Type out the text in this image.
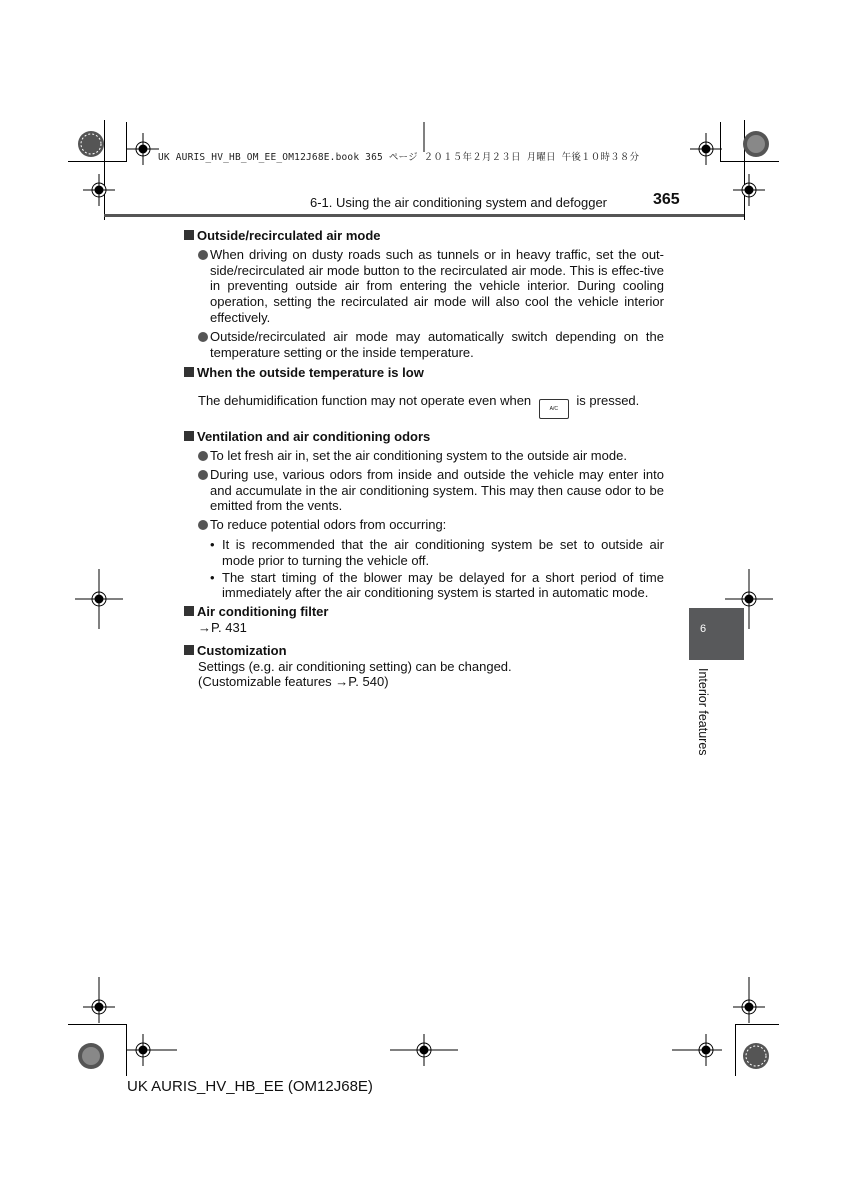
UK AURIS_HV_HB_OM_EE_OM12J68E.book 365 ページ ２０１５年２月２３日 月曜日 午後１０時３８分
6-1. Using the air conditioning system and defogger	365
Outside/recirculated air mode
When driving on dusty roads such as tunnels or in heavy traffic, set the out-side/recirculated air mode button to the recirculated air mode. This is effec-tive in preventing outside air from entering the vehicle interior. During cooling operation, setting the recirculated air mode will also cool the vehicle interior effectively.
Outside/recirculated air mode may automatically switch depending on the temperature setting or the inside temperature.
When the outside temperature is low
The dehumidification function may not operate even when A/C is pressed.
Ventilation and air conditioning odors
To let fresh air in, set the air conditioning system to the outside air mode.
During use, various odors from inside and outside the vehicle may enter into and accumulate in the air conditioning system. This may then cause odor to be emitted from the vents.
To reduce potential odors from occurring:
• It is recommended that the air conditioning system be set to outside air mode prior to turning the vehicle off.
• The start timing of the blower may be delayed for a short period of time immediately after the air conditioning system is started in automatic mode.
Air conditioning filter
→P. 431
Customization
Settings (e.g. air conditioning setting) can be changed.
(Customizable features →P. 540)
6
Interior features
UK AURIS_HV_HB_EE (OM12J68E)
